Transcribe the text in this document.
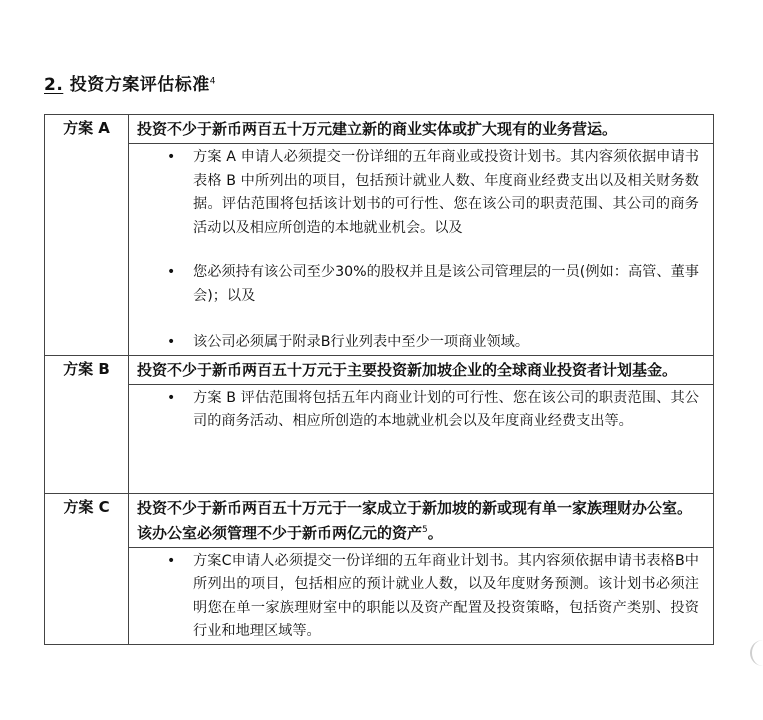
2. 投资方案评估标准$^4$
方案 A	投资不少于新币两百五十万元建立新的商业实体或扩大现有的业务营运。
• 方案 A 申请人必须提交一份详细的五年商业或投资计划书。其内容须依据申请书表格 B 中所列出的项目，包括预计就业人数、年度商业经费支出以及相关财务数据。评估范围将包括该计划书的可行性、您在该公司的职责范围、其公司的商务活动以及相应所创造的本地就业机会。以及
• 您必须持有该公司至少30%的股权并且是该公司管理层的一员(例如：高管、董事会)；以及
• 该公司必须属于附录B行业列表中至少一项商业领域。

方案 B	投资不少于新币两百五十万元于主要投资新加坡企业的全球商业投资者计划基金。
• 方案 B 评估范围将包括五年内商业计划的可行性、您在该公司的职责范围、其公司的商务活动、相应所创造的本地就业机会以及年度商业经费支出等。

方案 C	投资不少于新币两百五十万元于一家成立于新加坡的新或现有单一家族理财办公室。该办公室必须管理不少于新币两亿元的资产$^5$。
• 方案C申请人必须提交一份详细的五年商业计划书。其内容须依据申请书表格B中所列出的项目，包括相应的预计就业人数，以及年度财务预测。该计划书必须注明您在单一家族理财室中的职能以及资产配置及投资策略，包括资产类别、投资行业和地理区域等。
